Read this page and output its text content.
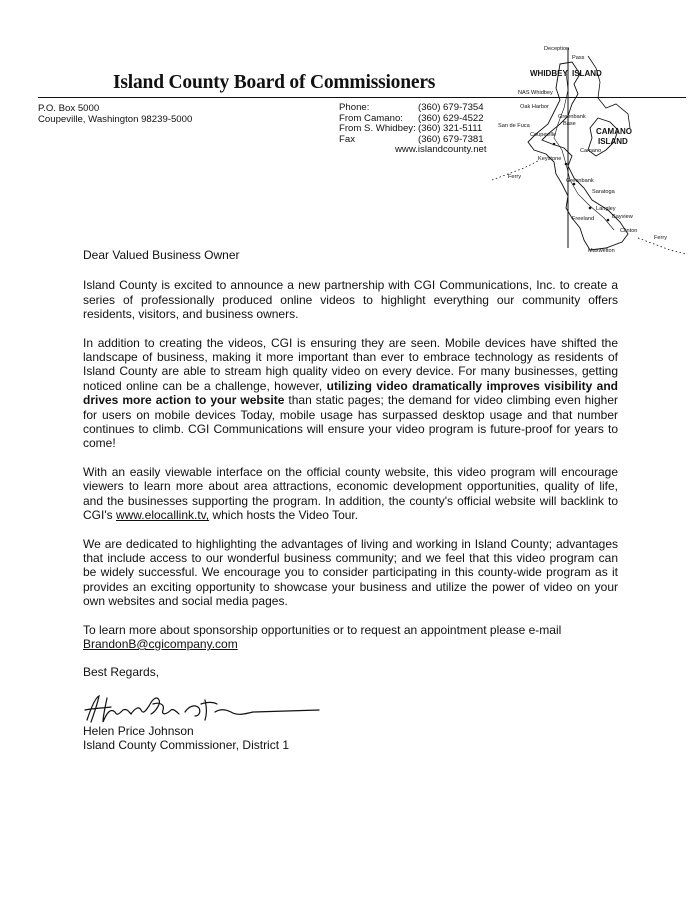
Island County Board of Commissioners
P.O. Box 5000
Coupeville, Washington 98239-5000
Phone:	(360) 679-7354
From Camano:	(360) 629-4522
From S. Whidbey: (360) 321-5111
Fax	(360) 679-7381
www.islandcounty.net
Deception
Pass
WHIDBEY ISLAND
NAS Whidbey
Oak Harbor
San de Fuca
Greenbank
Base
Coupeville	CAMANO
ISLAND
Camano
Keystone
Ferry
Greenbank
Saratoga
Langley
Bayview
Freeland
Clinton
Ferry
Maxwelton

Dear Valued Business Owner

Island County is excited to announce a new partnership with CGI Communications, Inc. to create a series of professionally produced online videos to highlight everything our community offers residents, visitors, and business owners.

In addition to creating the videos, CGI is ensuring they are seen. Mobile devices have shifted the landscape of business, making it more important than ever to embrace technology as residents of Island County are able to stream high quality video on every device. For many businesses, getting noticed online can be a challenge, however, utilizing video dramatically improves visibility and drives more action to your website than static pages; the demand for video climbing even higher for users on mobile devices Today, mobile usage has surpassed desktop usage and that number continues to climb. CGI Communications will ensure your video program is future-proof for years to come!

With an easily viewable interface on the official county website, this video program will encourage viewers to learn more about area attractions, economic development opportunities, quality of life, and the businesses supporting the program. In addition, the county's official website will backlink to CGI's www.elocallink.tv, which hosts the Video Tour.

We are dedicated to highlighting the advantages of living and working in Island County; advantages that include access to our wonderful business community; and we feel that this video program can be widely successful. We encourage you to consider participating in this county-wide program as it provides an exciting opportunity to showcase your business and utilize the power of video on your own websites and social media pages.

To learn more about sponsorship opportunities or to request an appointment please e-mail
BrandonB@cgicompany.com

Best Regards,

Helen Price Johnson
Island County Commissioner, District 1
